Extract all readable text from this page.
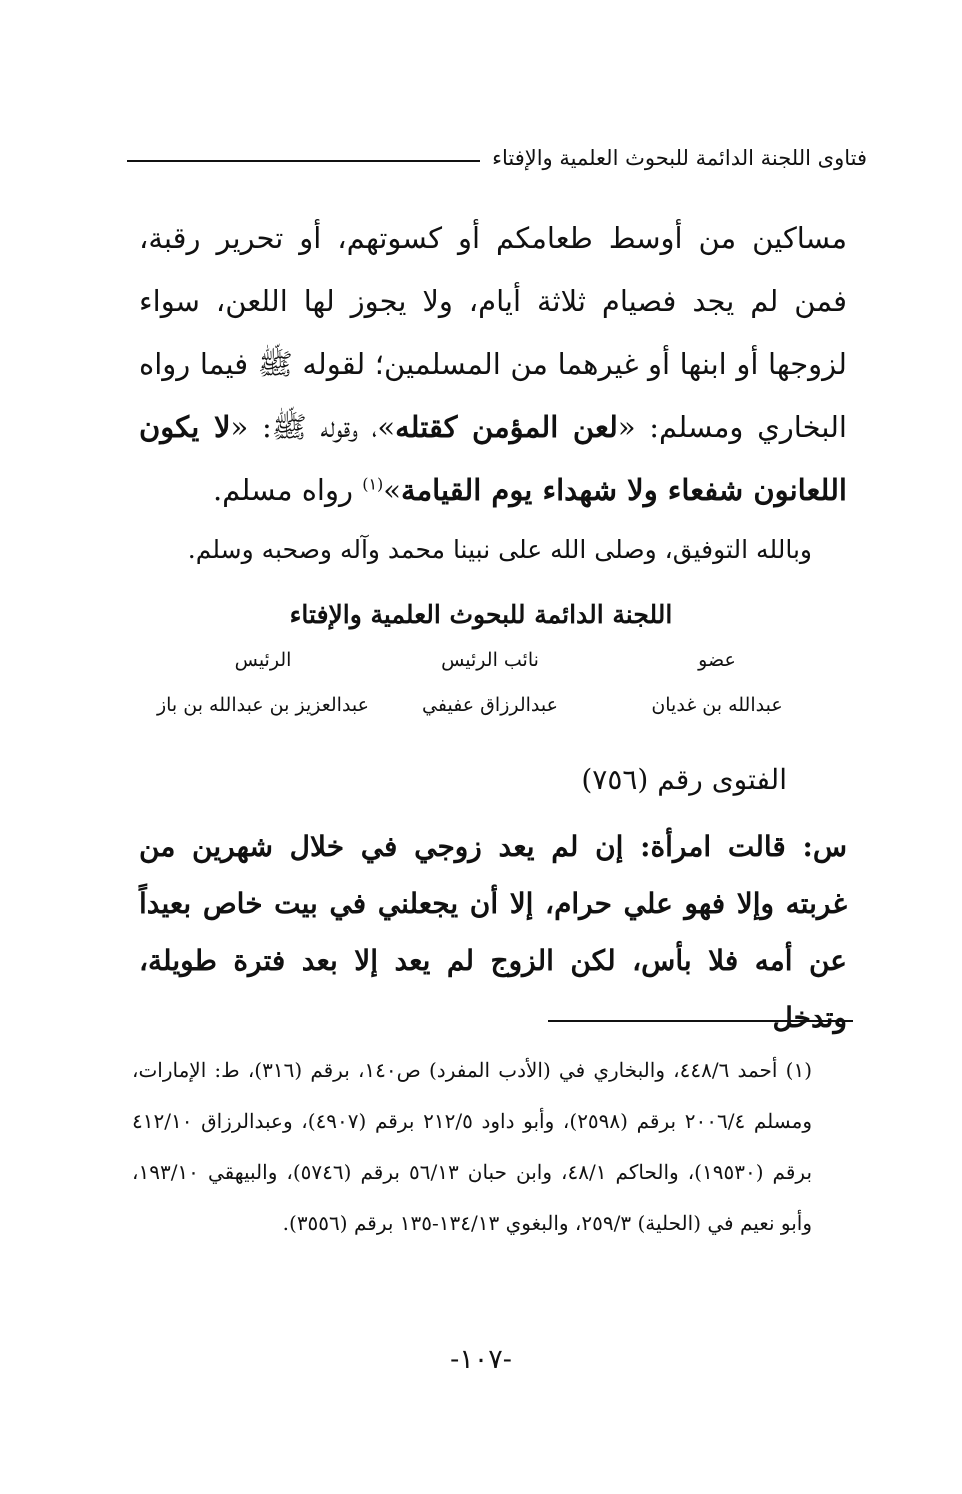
فتاوى اللجنة الدائمة للبحوث العلمية والإفتاء
مساكين من أوسط طعامكم أو كسوتهم، أو تحرير رقبة، فمن لم يجد فصيام ثلاثة أيام، ولا يجوز لها اللعن، سواء لزوجها أو ابنها أو غيرهما من المسلمين؛ لقوله ﷺ فيما رواه البخاري ومسلم: «لعن المؤمن كقتله»، وقوله ﷺ: «لا يكون اللعانون شفعاء ولا شهداء يوم القيامة»$^{(١)}$ رواه مسلم.
وبالله التوفيق، وصلى الله على نبينا محمد وآله وصحبه وسلم.
اللجنة الدائمة للبحوث العلمية والإفتاء
عضو
نائب الرئيس
الرئيس
عبدالله بن غديان
عبدالرزاق عفيفي
عبدالعزيز بن عبدالله بن باز
الفتوى رقم (٧٥٦)
س: قالت امرأة: إن لم يعد زوجي في خلال شهرين من غربته وإلا فهو علي حرام، إلا أن يجعلني في بيت خاص بعيداً عن أمه فلا بأس، لكن الزوج لم يعد إلا بعد فترة طويلة، وتدخل
(١) أحمد ٤٤٨/٦، والبخاري في (الأدب المفرد) ص١٤٠، برقم (٣١٦)، ط: الإمارات، ومسلم ٢٠٠٦/٤ برقم (٢٥٩٨)، وأبو داود ٢١٢/٥ برقم (٤٩٠٧)، وعبدالرزاق ٤١٢/١٠ برقم (١٩٥٣٠)، والحاكم ٤٨/١، وابن حبان ٥٦/١٣ برقم (٥٧٤٦)، والبيهقي ١٩٣/١٠، وأبو نعيم في (الحلية) ٢٥٩/٣، والبغوي ١٣٤/١٣-١٣٥ برقم (٣٥٥٦).
-١٠٧-
